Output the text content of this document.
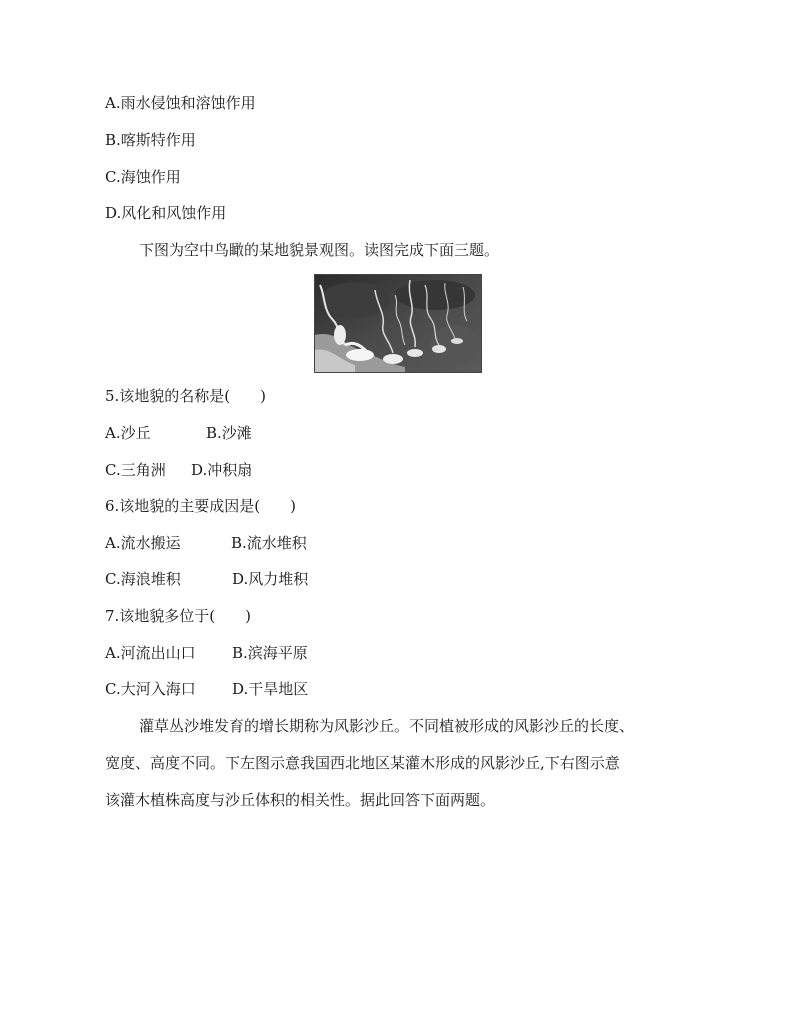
A.雨水侵蚀和溶蚀作用
B.喀斯特作用
C.海蚀作用
D.风化和风蚀作用
下图为空中鸟瞰的某地貌景观图。读图完成下面三题。
5.该地貌的名称是(　　)
A.沙丘	B.沙滩
C.三角洲 D.冲积扇
6.该地貌的主要成因是(　　)
A.流水搬运	B.流水堆积
C.海浪堆积	D.风力堆积
7.该地貌多位于(　　)
A.河流出山口 B.滨海平原
C.大河入海口 D.干旱地区
灌草丛沙堆发育的增长期称为风影沙丘。不同植被形成的风影沙丘的长度、
宽度、高度不同。下左图示意我国西北地区某灌木形成的风影沙丘,下右图示意
该灌木植株高度与沙丘体积的相关性。据此回答下面两题。
